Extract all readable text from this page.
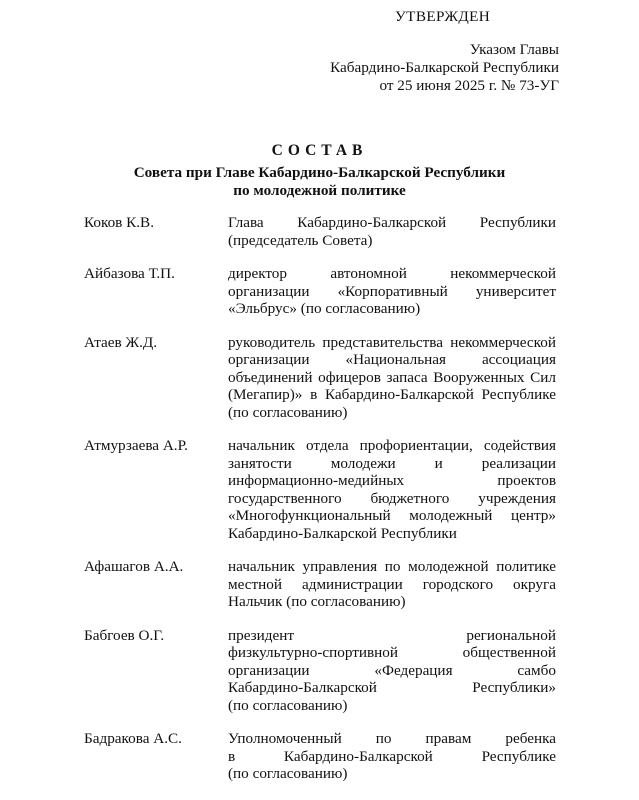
УТВЕРЖДЕН
Указом Главы
Кабардино-Балкарской Республики
от 25 июня 2025 г. № 73-УГ
СОСТАВ
Совета при Главе Кабардино-Балкарской Республики
по молодежной политике
Коков К.В.	Глава Кабардино-Балкарской Республики
(председатель Совета)
Айбазова Т.П.	директор автономной некоммерческой
организации «Корпоративный университет
«Эльбрус» (по согласованию)
Атаев Ж.Д.	руководитель представительства некоммерческой
организации «Национальная ассоциация
объединений офицеров запаса Вооруженных Сил
(Мегапир)» в Кабардино-Балкарской Республике
(по согласованию)
Атмурзаева А.Р.	начальник отдела профориентации, содействия
занятости молодежи и реализации
информационно-медийных проектов
государственного бюджетного учреждения
«Многофункциональный молодежный центр»
Кабардино-Балкарской Республики
Афашагов А.А.	начальник управления по молодежной политике
местной администрации городского округа
Нальчик (по согласованию)
Бабгоев О.Г.	президент региональной
физкультурно-спортивной общественной
организации «Федерация самбо
Кабардино-Балкарской Республики»
(по согласованию)
Бадракова А.С.	Уполномоченный по правам ребенка
в Кабардино-Балкарской Республике
(по согласованию)
